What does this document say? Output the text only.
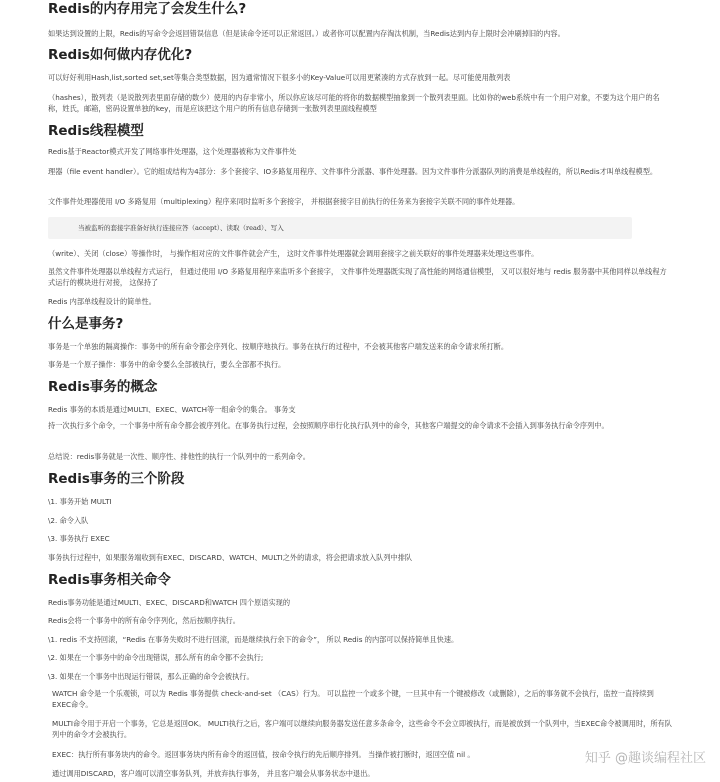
Redis的内存用完了会发生什么?

如果达到设置的上限，Redis的写命令会返回错误信息（但是读命令还可以正常返回。）或者你可以配置内存淘汰机制，当Redis达到内存上限时会冲刷掉旧的内容。

Redis如何做内存优化?

可以好好利用Hash,list,sorted set,set等集合类型数据，因为通常情况下很多小的Key-Value可以用更紧凑的方式存放到一起。尽可能使用散列表

（hashes），散列表（是说散列表里面存储的数少）使用的内存非常小，所以你应该尽可能的将你的数据模型抽象到一个散列表里面。比如你的web系统中有一个用户对象，不要为这个用户的名称，姓氏，邮箱，密码设置单独的key，而是应该把这个用户的所有信息存储到一张散列表里面线程模型

Redis线程模型

Redis基于Reactor模式开发了网络事件处理器，这个处理器被称为文件事件处

理器（file event handler）。它的组成结构为4部分：多个套接字、IO多路复用程序、文件事件分派器、事件处理器。因为文件事件分派器队列的消费是单线程的，所以Redis才叫单线程模型。

文件事件处理器使用 I/O 多路复用（multiplexing）程序来同时监听多个套接字， 并根据套接字目前执行的任务来为套接字关联不同的事件处理器。

当被监听的套接字准备好执行连接应答（accept）、读取（read）、写入

（write）、关闭（close）等操作时， 与操作相对应的文件事件就会产生， 这时文件事件处理器就会调用套接字之前关联好的事件处理器来处理这些事件。

虽然文件事件处理器以单线程方式运行， 但通过使用 I/O 多路复用程序来监听多个套接字， 文件事件处理器既实现了高性能的网络通信模型， 又可以很好地与 redis 服务器中其他同样以单线程方式运行的模块进行对接， 这保持了

Redis 内部单线程设计的简单性。

什么是事务?

事务是一个单独的隔离操作：事务中的所有命令都会序列化、按顺序地执行。事务在执行的过程中，不会被其他客户端发送来的命令请求所打断。

事务是一个原子操作：事务中的命令要么全部被执行，要么全部都不执行。

Redis事务的概念

Redis 事务的本质是通过MULTI、EXEC、WATCH等一组命令的集合。 事务支

持一次执行多个命令，一个事务中所有命令都会被序列化。在事务执行过程，会按照顺序串行化执行队列中的命令，其他客户端提交的命令请求不会插入到事务执行命令序列中。

总结说：redis事务就是一次性、顺序性、排他性的执行一个队列中的一系列命令。

Redis事务的三个阶段

\1. 事务开始 MULTI

\2. 命令入队

\3. 事务执行 EXEC

事务执行过程中，如果服务端收到有EXEC、DISCARD、WATCH、MULTI之外的请求，将会把请求放入队列中排队

Redis事务相关命令

Redis事务功能是通过MULTI、EXEC、DISCARD和WATCH 四个原语实现的

Redis会将一个事务中的所有命令序列化，然后按顺序执行。

\1. redis 不支持回滚，“Redis 在事务失败时不进行回滚，而是继续执行余下的命令”， 所以 Redis 的内部可以保持简单且快速。

\2. 如果在一个事务中的命令出现错误，那么所有的命令都不会执行;

\3. 如果在一个事务中出现运行错误，那么正确的命令会被执行。

WATCH 命令是一个乐观锁，可以为 Redis 事务提供 check-and-set （CAS）行为。 可以监控一个或多个键，一旦其中有一个键被修改（或删除），之后的事务就不会执行，监控一直持续到EXEC命令。

MULTI命令用于开启一个事务，它总是返回OK。 MULTI执行之后，客户端可以继续向服务器发送任意多条命令，这些命令不会立即被执行，而是被放到一个队列中，当EXEC命令被调用时，所有队列中的命令才会被执行。

EXEC：执行所有事务块内的命令。返回事务块内所有命令的返回值，按命令执行的先后顺序排列。 当操作被打断时，返回空值 nil 。

通过调用DISCARD，客户端可以清空事务队列，并放弃执行事务， 并且客户端会从事务状态中退出。

知乎 @趣谈编程社区
